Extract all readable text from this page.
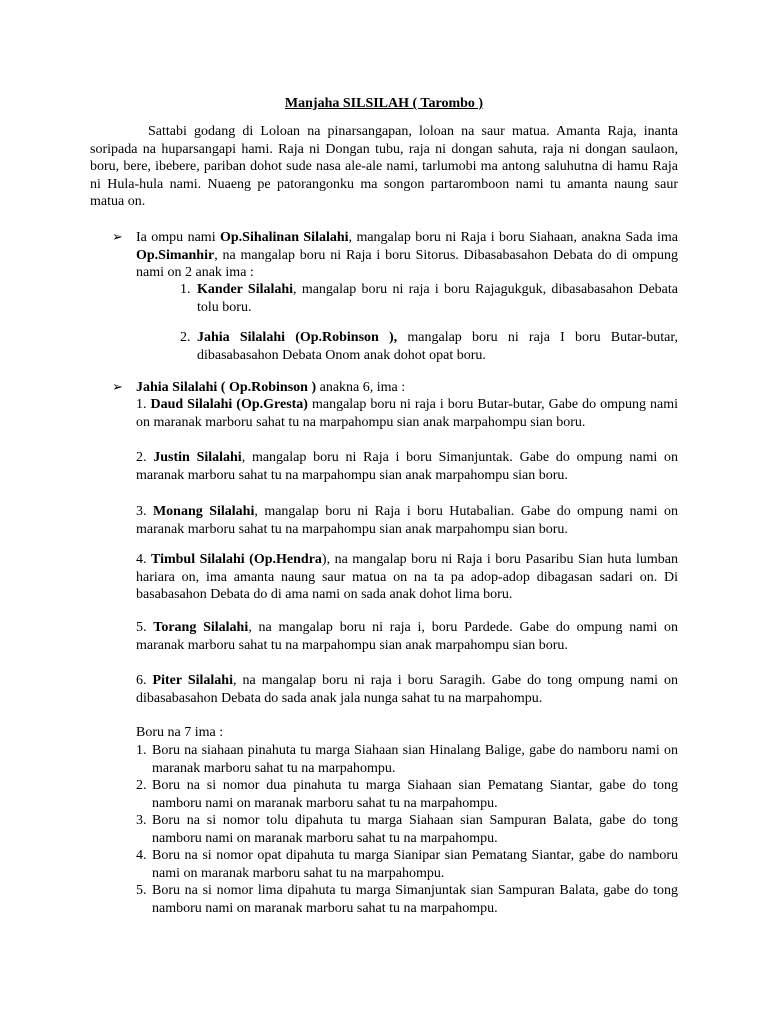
Manjaha SILSILAH ( Tarombo )
Sattabi godang di Loloan na pinarsangapan, loloan na saur matua. Amanta Raja, inanta soripada na huparsangapi hami. Raja ni Dongan tubu, raja ni dongan sahuta, raja ni dongan saulaon, boru, bere, ibebere, pariban dohot sude nasa ale-ale nami, tarlumobi ma antong saluhutna di hamu Raja ni Hula-hula nami. Nuaeng pe patorangonku ma songon partaromboon nami tu amanta naung saur matua on.
➢ Ia ompu nami Op.Sihalinan Silalahi, mangalap boru ni Raja i boru Siahaan, anakna Sada ima Op.Simanhir, na mangalap boru ni Raja i boru Sitorus. Dibasabasahon Debata do di ompung nami on 2 anak ima :
1. Kander Silalahi, mangalap boru ni raja i boru Rajagukguk, dibasabasahon Debata tolu boru.
2. Jahia Silalahi (Op.Robinson ), mangalap boru ni raja I boru Butar-butar, dibasabasahon Debata Onom anak dohot opat boru.
➢ Jahia Silalahi ( Op.Robinson ) anakna 6, ima :
1. Daud Silalahi (Op.Gresta) mangalap boru ni raja i boru Butar-butar, Gabe do ompung nami on maranak marboru sahat tu na marpahompu sian anak marpahompu sian boru.
2. Justin Silalahi, mangalap boru ni Raja i boru Simanjuntak. Gabe do ompung nami on maranak marboru sahat tu na marpahompu sian anak marpahompu sian boru.
3. Monang Silalahi, mangalap boru ni Raja i boru Hutabalian. Gabe do ompung nami on maranak marboru sahat tu na marpahompu sian anak marpahompu sian boru.
4. Timbul Silalahi (Op.Hendra), na mangalap boru ni Raja i boru Pasaribu Sian huta lumban hariara on, ima amanta naung saur matua on na ta pa adop-adop dibagasan sadari on. Di basabasahon Debata do di ama nami on sada anak dohot lima boru.
5. Torang Silalahi, na mangalap boru ni raja i, boru Pardede. Gabe do ompung nami on maranak marboru sahat tu na marpahompu sian anak marpahompu sian boru.
6. Piter Silalahi, na mangalap boru ni raja i boru Saragih. Gabe do tong ompung nami on dibasabasahon Debata do sada anak jala nunga sahat tu na marpahompu.
Boru na 7 ima :
1. Boru na siahaan pinahuta tu marga Siahaan sian Hinalang Balige, gabe do namboru nami on maranak marboru sahat tu na marpahompu.
2. Boru na si nomor dua pinahuta tu marga Siahaan sian Pematang Siantar, gabe do tong namboru nami on maranak marboru sahat tu na marpahompu.
3. Boru na si nomor tolu dipahuta tu marga Siahaan sian Sampuran Balata, gabe do tong namboru nami on maranak marboru sahat tu na marpahompu.
4. Boru na si nomor opat dipahuta tu marga Sianipar sian Pematang Siantar, gabe do namboru nami on maranak marboru sahat tu na marpahompu.
5. Boru na si nomor lima dipahuta tu marga Simanjuntak sian Sampuran Balata, gabe do tong namboru nami on maranak marboru sahat tu na marpahompu.
